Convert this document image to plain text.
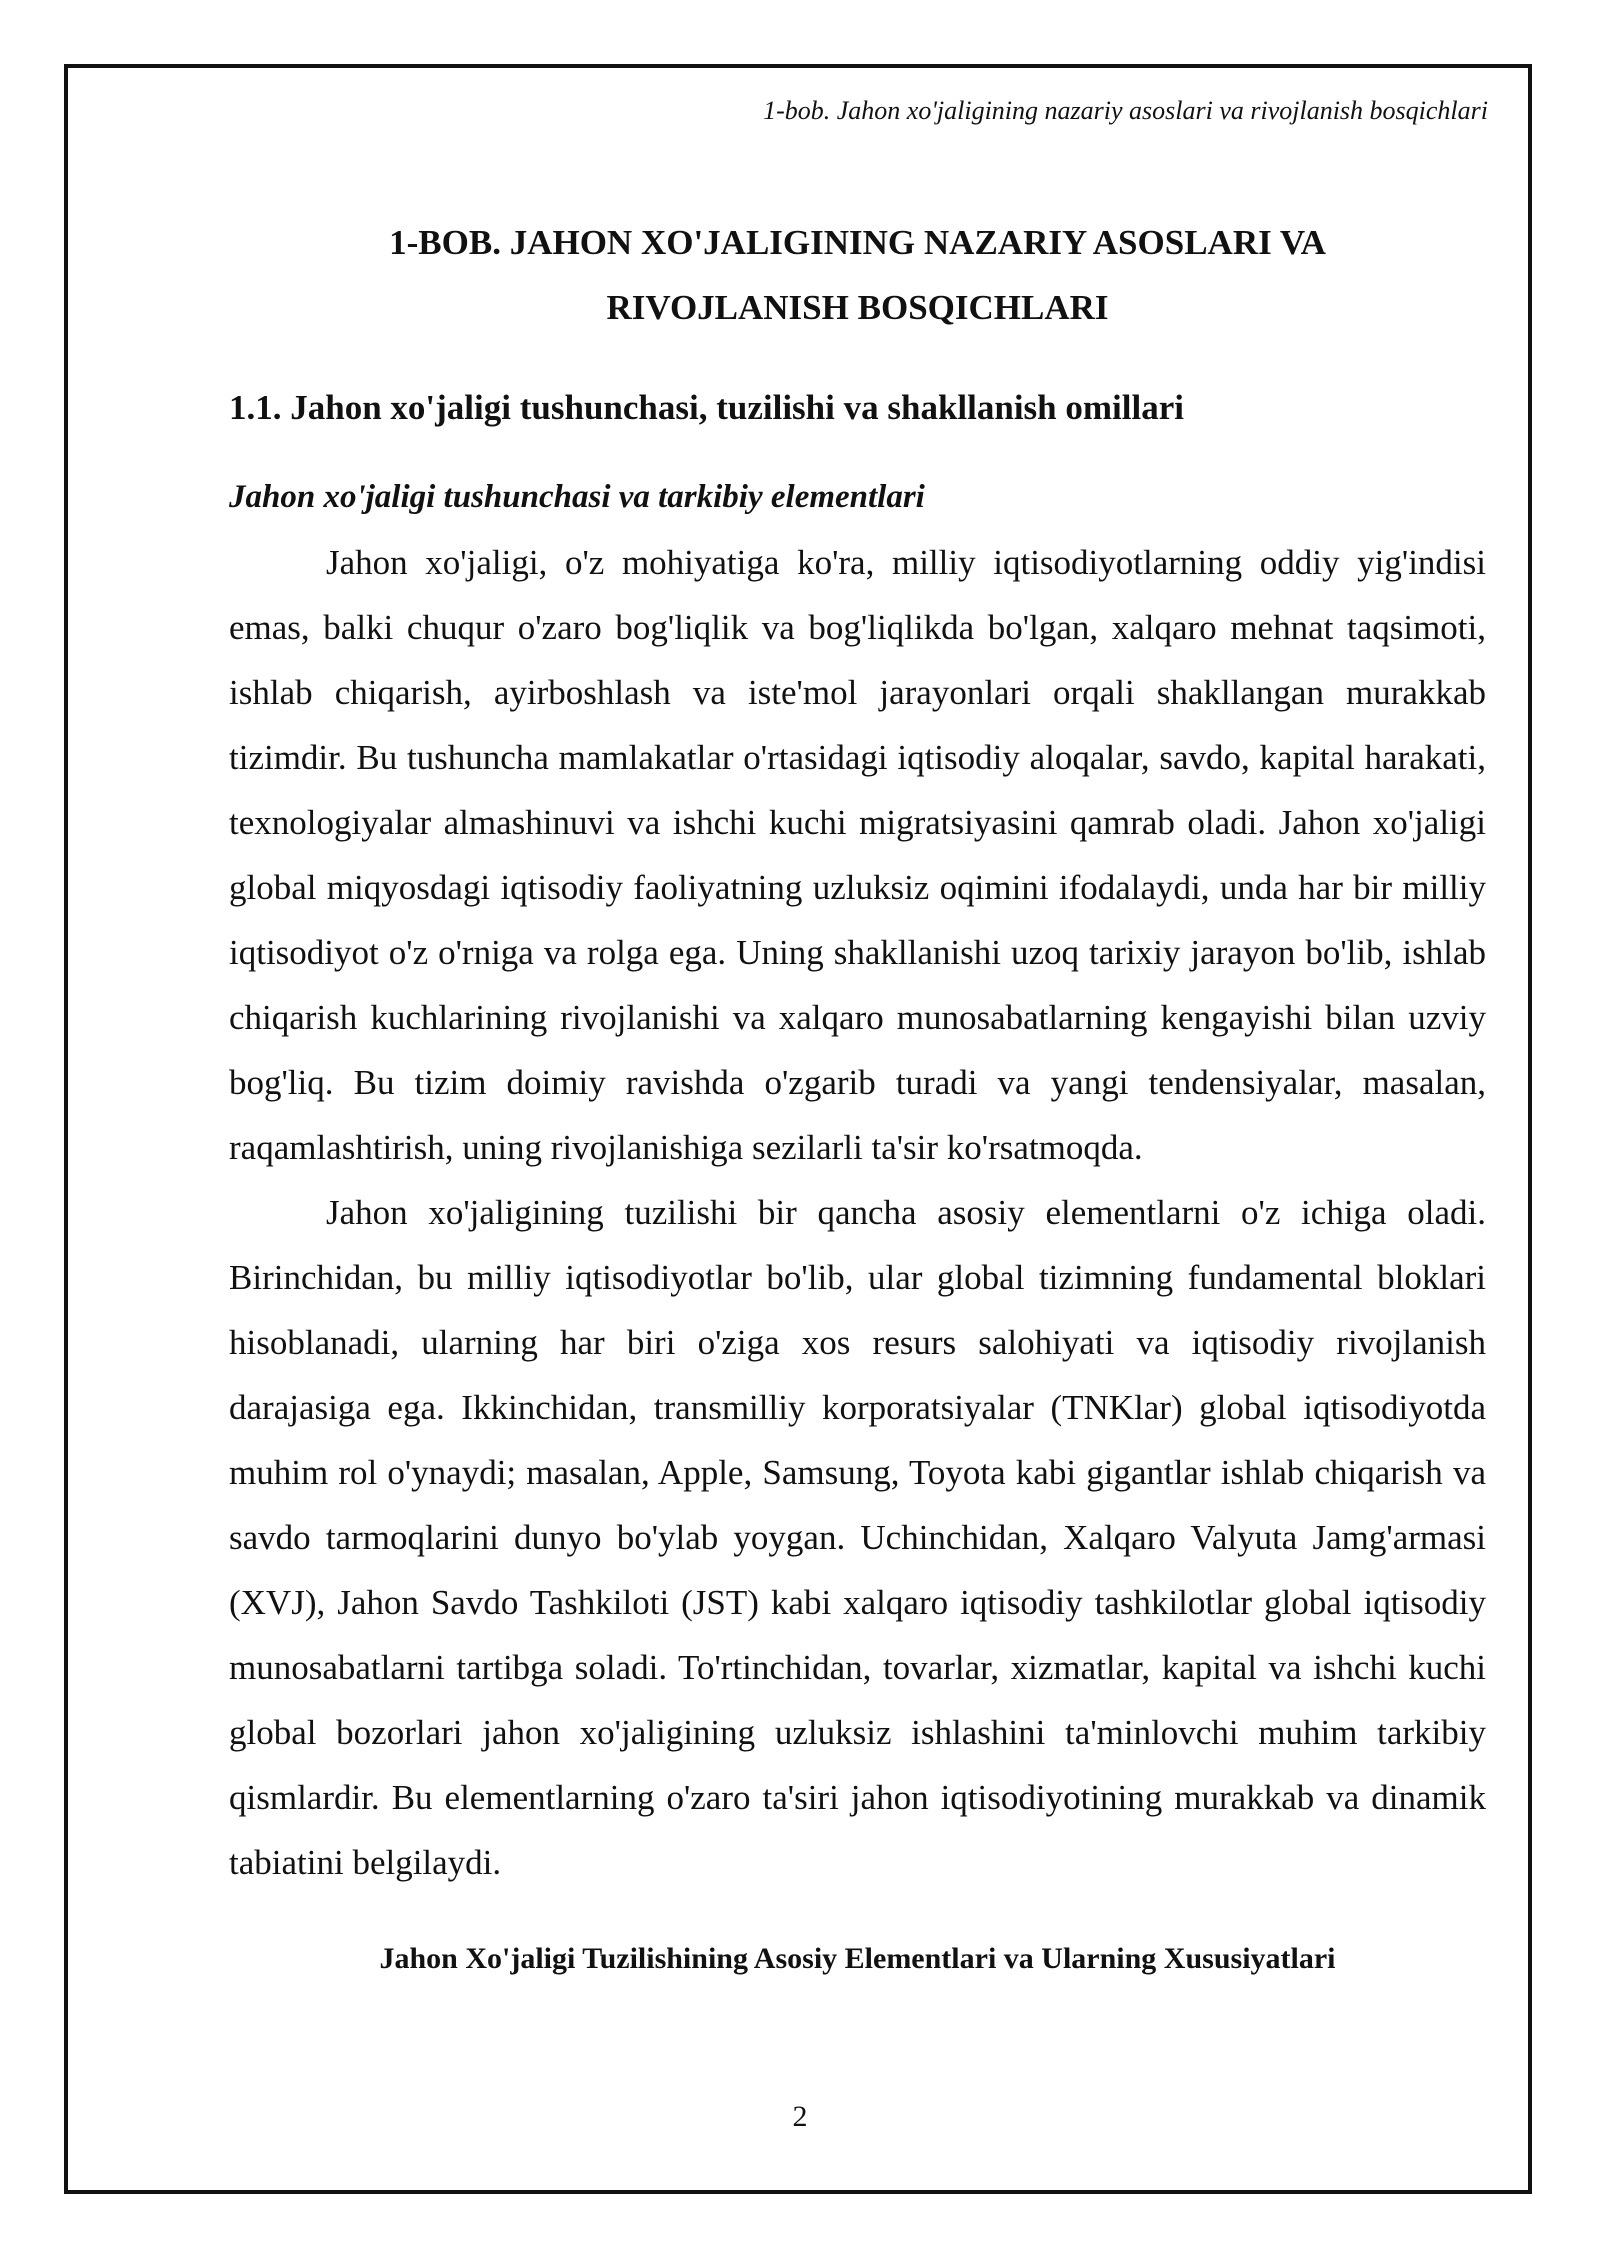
1-bob. Jahon xo'jaligining nazariy asoslari va rivojlanish bosqichlari
1-BOB. JAHON XO'JALIGINING NAZARIY ASOSLARI VA
RIVOJLANISH BOSQICHLARI
1.1. Jahon xo'jaligi tushunchasi, tuzilishi va shakllanish omillari
Jahon xo'jaligi tushunchasi va tarkibiy elementlari

Jahon xo'jaligi, o'z mohiyatiga ko'ra, milliy iqtisodiyotlarning oddiy yig'indisi emas, balki chuqur o'zaro bog'liqlik va bog'liqlikda bo'lgan, xalqaro mehnat taqsimoti, ishlab chiqarish, ayirboshlash va iste'mol jarayonlari orqali shakllangan murakkab tizimdir. Bu tushuncha mamlakatlar o'rtasidagi iqtisodiy aloqalar, savdo, kapital harakati, texnologiyalar almashinuvi va ishchi kuchi migratsiyasini qamrab oladi. Jahon xo'jaligi global miqyosdagi iqtisodiy faoliyatning uzluksiz oqimini ifodalaydi, unda har bir milliy iqtisodiyot o'z o'rniga va rolga ega. Uning shakllanishi uzoq tarixiy jarayon bo'lib, ishlab chiqarish kuchlarining rivojlanishi va xalqaro munosabatlarning kengayishi bilan uzviy bog'liq. Bu tizim doimiy ravishda o'zgarib turadi va yangi tendensiyalar, masalan, raqamlashtirish, uning rivojlanishiga sezilarli ta'sir ko'rsatmoqda.

Jahon xo'jaligining tuzilishi bir qancha asosiy elementlarni o'z ichiga oladi. Birinchidan, bu milliy iqtisodiyotlar bo'lib, ular global tizimning fundamental bloklari hisoblanadi, ularning har biri o'ziga xos resurs salohiyati va iqtisodiy rivojlanish darajasiga ega. Ikkinchidan, transmilliy korporatsiyalar (TNKlar) global iqtisodiyotda muhim rol o'ynaydi; masalan, Apple, Samsung, Toyota kabi gigantlar ishlab chiqarish va savdo tarmoqlarini dunyo bo'ylab yoygan. Uchinchidan, Xalqaro Valyuta Jamg'armasi (XVJ), Jahon Savdo Tashkiloti (JST) kabi xalqaro iqtisodiy tashkilotlar global iqtisodiy munosabatlarni tartibga soladi. To'rtinchidan, tovarlar, xizmatlar, kapital va ishchi kuchi global bozorlari jahon xo'jaligining uzluksiz ishlashini ta'minlovchi muhim tarkibiy qismlardir. Bu elementlarning o'zaro ta'siri jahon iqtisodiyotining murakkab va dinamik tabiatini belgilaydi.

Jahon Xo'jaligi Tuzilishining Asosiy Elementlari va Ularning Xususiyatlari

2
